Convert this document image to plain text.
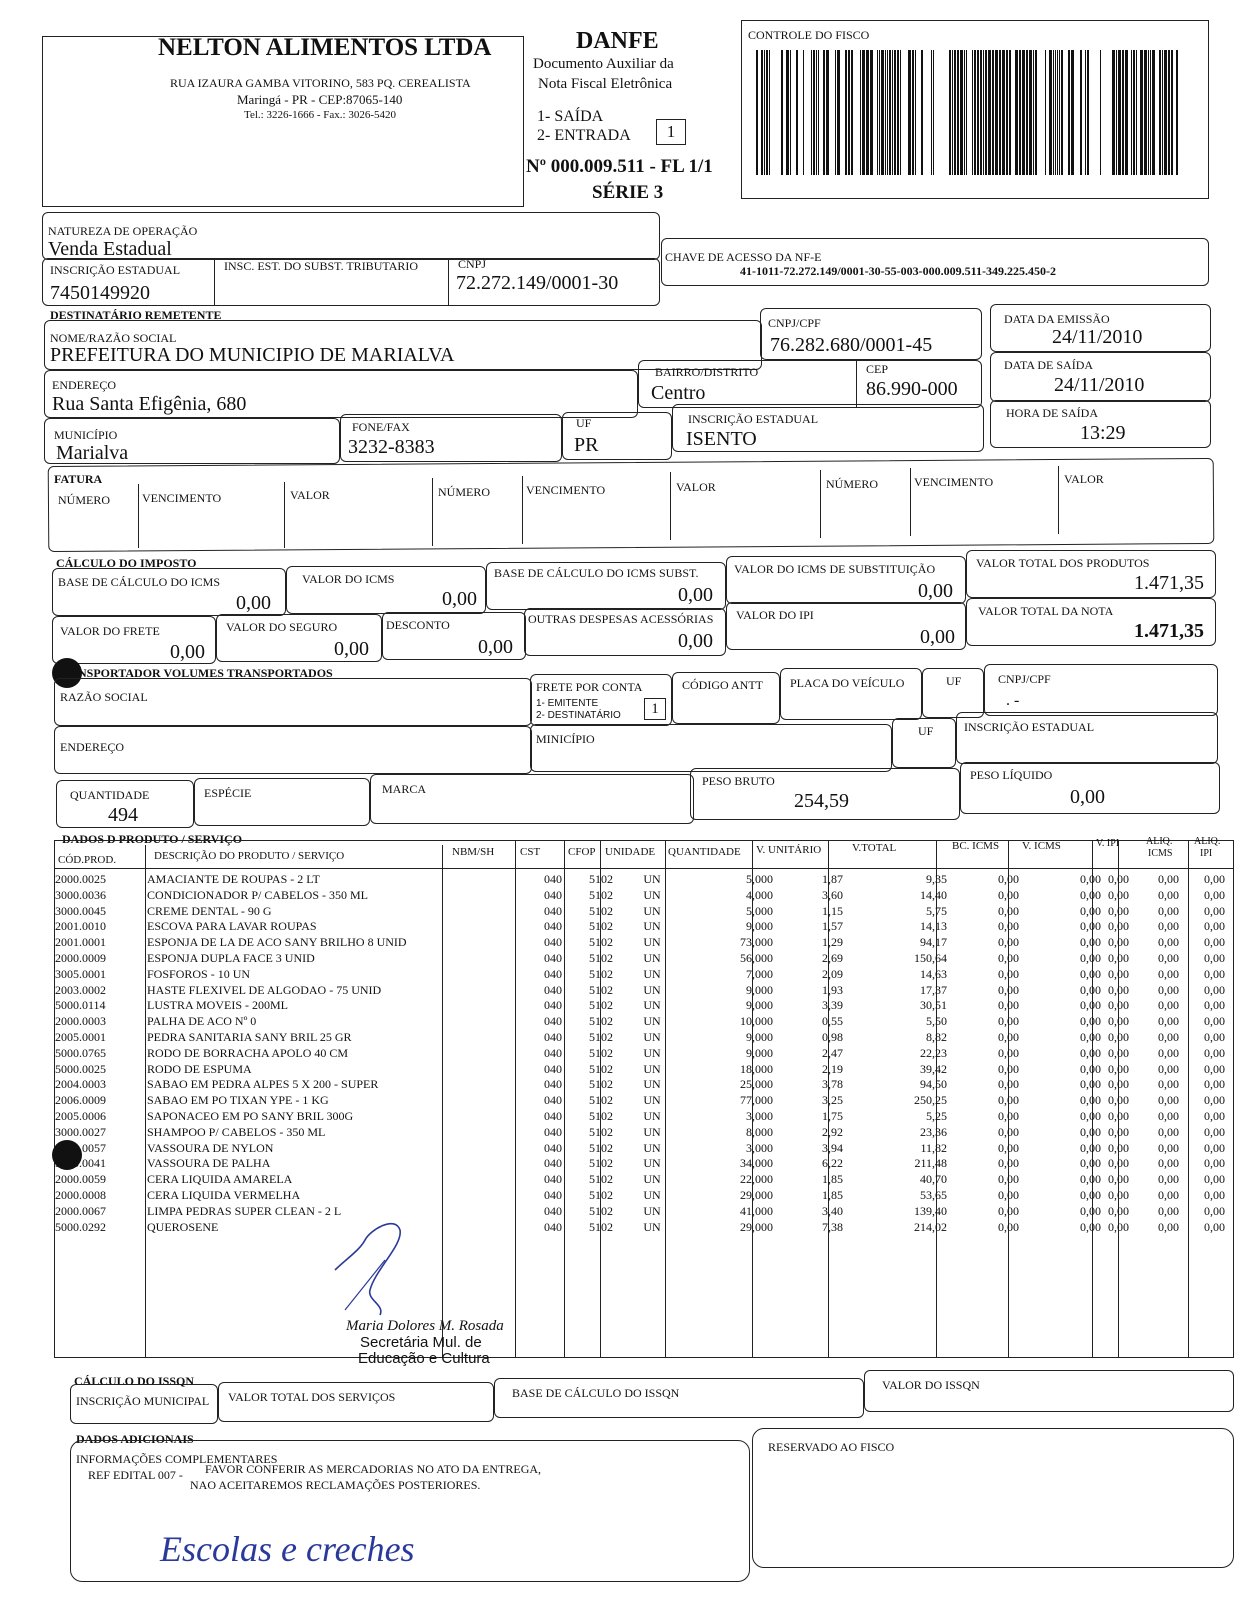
NELTON ALIMENTOS LTDA
RUA IZAURA GAMBA VITORINO, 583 PQ. CEREALISTA
Maringá - PR - CEP:87065-140
Tel.: 3226-1666 - Fax.: 3026-5420
DANFE
Documento Auxiliar da
Nota Fiscal Eletrônica
1- SAÍDA
2- ENTRADA	1
Nº 000.009.511 - FL 1/1
SÉRIE 3
CONTROLE DO FISCO
NATUREZA DE OPERAÇÃO
Venda Estadual
INSCRIÇÃO ESTADUAL
7450149920
INSC. EST. DO SUBST. TRIBUTARIO	CNPJ
72.272.149/0001-30
CHAVE DE ACESSO DA NF-E
41-1011-72.272.149/0001-30-55-003-000.009.511-349.225.450-2
DESTINATÁRIO REMETENTE
NOME/RAZÃO SOCIAL
PREFEITURA DO MUNICIPIO DE MARIALVA
CNPJ/CPF
76.282.680/0001-45
DATA DA EMISSÃO
24/11/2010
ENDEREÇO
Rua Santa Efigênia, 680
BAIRRO/DISTRITO
Centro
CEP
86.990-000
DATA DE SAÍDA
24/11/2010
MUNICÍPIO
Marialva
FONE/FAX
3232-8383
UF
PR
INSCRIÇÃO ESTADUAL
ISENTO
HORA DE SAÍDA
13:29
FATURA
NÚMERO	VENCIMENTO	VALOR	NÚMERO	VENCIMENTO	VALOR	NÚMERO	VENCIMENTO	VALOR
CÁLCULO DO IMPOSTO
BASE DE CÁLCULO DO ICMS
0,00
VALOR DO ICMS
0,00
BASE DE CÁLCULO DO ICMS SUBST.
0,00
VALOR DO ICMS DE SUBSTITUIÇÃO
0,00
VALOR TOTAL DOS PRODUTOS
1.471,35
VALOR DO FRETE
0,00
VALOR DO SEGURO
0,00
DESCONTO
0,00
OUTRAS DESPESAS ACESSÓRIAS
0,00
VALOR DO IPI
0,00
VALOR TOTAL DA NOTA
1.471,35
NSPORTADOR VOLUMES TRANSPORTADOS
RAZÃO SOCIAL
FRETE POR CONTA
1- EMITENTE
2- DESTINATÁRIO	1
CÓDIGO ANTT PLACA DO VEÍCULO	UF	CNPJ/CPF
. -
ENDEREÇO
MINICÍPIO
UF	INSCRIÇÃO ESTADUAL
QUANTIDADE
494
ESPÉCIE	MARCA
PESO BRUTO
254,59
PESO LÍQUIDO
0,00
DADOS D PRODUTO / SERVIÇO
CÓD.PROD.	DESCRIÇÃO DO PRODUTO / SERVIÇO	NBM/SH CST	CFOP UNIDADE QUANTIDADE V. UNITÁRIO	V.TOTAL	BC. ICMS V. ICMS	V. IPI	ALIQ.
ICMS
ALIQ.
IPI
2000.0025	AMACIANTE DE ROUPAS - 2 LT	040	5102	UN	5,000	1,87	9,35	0,00	0,00	0,00	0,00	0,00
3000.0036	CONDICIONADOR P/ CABELOS - 350 ML	040	5102	UN	4,000	3,60	14,40	0,00	0,00	0,00	0,00	0,00
3000.0045	CREME DENTAL - 90 G	040	5102	UN	5,000	1,15	5,75	0,00	0,00	0,00	0,00	0,00
2001.0010	ESCOVA PARA LAVAR ROUPAS	040	5102	UN	9,000	1,57	14,13	0,00	0,00	0,00	0,00	0,00
2001.0001	ESPONJA DE LA DE ACO SANY BRILHO 8 UNID	040	5102	UN	73,000	1,29	94,17	0,00	0,00	0,00	0,00	0,00
2000.0009	ESPONJA DUPLA FACE 3 UNID	040	5102	UN	56,000	2,69	150,64	0,00	0,00	0,00	0,00	0,00
3005.0001	FOSFOROS - 10 UN	040	5102	UN	7,000	2,09	14,63	0,00	0,00	0,00	0,00	0,00
2003.0002	HASTE FLEXIVEL DE ALGODAO - 75 UNID	040	5102	UN	9,000	1,93	17,37	0,00	0,00	0,00	0,00	0,00
5000.0114	LUSTRA MOVEIS - 200ML	040	5102	UN	9,000	3,39	30,51	0,00	0,00	0,00	0,00	0,00
2000.0003	PALHA DE ACO Nº 0	040	5102	UN	10,000	0,55	5,50	0,00	0,00	0,00	0,00	0,00
2005.0001	PEDRA SANITARIA SANY BRIL 25 GR	040	5102	UN	9,000	0,98	8,82	0,00	0,00	0,00	0,00	0,00
5000.0765	RODO DE BORRACHA APOLO 40 CM	040	5102	UN	9,000	2,47	22,23	0,00	0,00	0,00	0,00	0,00
5000.0025	RODO DE ESPUMA	040	5102	UN	18,000	2,19	39,42	0,00	0,00	0,00	0,00	0,00
2004.0003	SABAO EM PEDRA ALPES 5 X 200 - SUPER	040	5102	UN	25,000	3,78	94,50	0,00	0,00	0,00	0,00	0,00
2006.0009	SABAO EM PO TIXAN YPE - 1 KG	040	5102	UN	77,000	3,25	250,25	0,00	0,00	0,00	0,00	0,00
2005.0006	SAPONACEO EM PO SANY BRIL 300G	040	5102	UN	3,000	1,75	5,25	0,00	0,00	0,00	0,00	0,00
3000.0027	SHAMPOO P/ CABELOS - 350 ML	040	5102	UN	8,000	2,92	23,36	0,00	0,00	0,00	0,00	0,00
5000.0057	VASSOURA DE NYLON	040	5102	UN	3,000	3,94	11,82	0,00	0,00	0,00	0,00	0,00
5000.0041	VASSOURA DE PALHA	040	5102	UN	34,000	6,22	211,48	0,00	0,00	0,00	0,00	0,00
2000.0059	CERA LIQUIDA AMARELA	040	5102	UN	22,000	1,85	40,70	0,00	0,00	0,00	0,00	0,00
2000.0008	CERA LIQUIDA VERMELHA	040	5102	UN	29,000	1,85	53,65	0,00	0,00	0,00	0,00	0,00
2000.0067	LIMPA PEDRAS SUPER CLEAN - 2 L	040	5102	UN	41,000	3,40	139,40	0,00	0,00	0,00	0,00	0,00
5000.0292	QUEROSENE	040	5102	UN	29,000	7,38	214,02	0,00	0,00	0,00	0,00	0,00
Maria Dolores M. Rosada
Secretária Mul. de
Educação e Cultura
CÁLCULO DO ISSQN
INSCRIÇÃO MUNICIPAL VALOR TOTAL DOS SERVIÇOS	BASE DE CÁLCULO DO ISSQN
VALOR DO ISSQN
DADOS ADICIONAIS
INFORMAÇÕES COMPLEMENTARES
REF EDITAL 007 - FAVOR CONFERIR AS MERCADORIAS NO ATO DA ENTREGA,
NAO ACEITAREMOS RECLAMAÇÕES POSTERIORES.
Escolas e creches
RESERVADO AO FISCO
